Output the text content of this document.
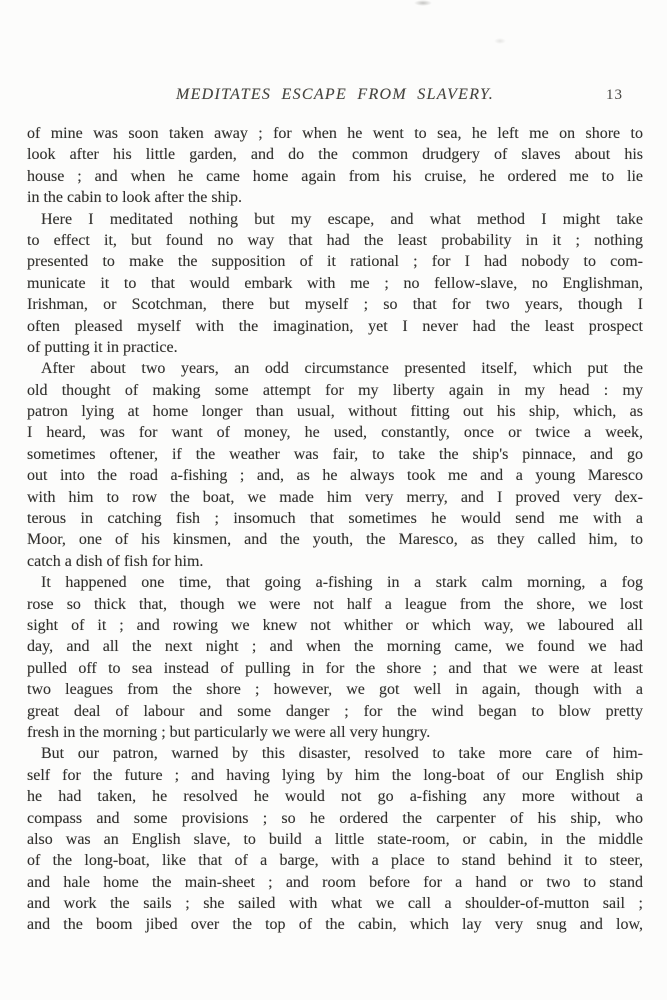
MEDITATES ESCAPE FROM SLAVERY.	13
of mine was soon taken away ; for when he went to sea, he left me on shore to
look after his little garden, and do the common drudgery of slaves about his
house ; and when he came home again from his cruise, he ordered me to lie
in the cabin to look after the ship.
Here I meditated nothing but my escape, and what method I might take
to effect it, but found no way that had the least probability in it ; nothing
presented to make the supposition of it rational ; for I had nobody to com-
municate it to that would embark with me ; no fellow-slave, no Englishman,
Irishman, or Scotchman, there but myself ; so that for two years, though I
often pleased myself with the imagination, yet I never had the least prospect
of putting it in practice.
After about two years, an odd circumstance presented itself, which put the
old thought of making some attempt for my liberty again in my head : my
patron lying at home longer than usual, without fitting out his ship, which, as
I heard, was for want of money, he used, constantly, once or twice a week,
sometimes oftener, if the weather was fair, to take the ship's pinnace, and go
out into the road a-fishing ; and, as he always took me and a young Maresco
with him to row the boat, we made him very merry, and I proved very dex-
terous in catching fish ; insomuch that sometimes he would send me with a
Moor, one of his kinsmen, and the youth, the Maresco, as they called him, to
catch a dish of fish for him.
It happened one time, that going a-fishing in a stark calm morning, a fog
rose so thick that, though we were not half a league from the shore, we lost
sight of it ; and rowing we knew not whither or which way, we laboured all
day, and all the next night ; and when the morning came, we found we had
pulled off to sea instead of pulling in for the shore ; and that we were at least
two leagues from the shore ; however, we got well in again, though with a
great deal of labour and some danger ; for the wind began to blow pretty
fresh in the morning ; but particularly we were all very hungry.
But our patron, warned by this disaster, resolved to take more care of him-
self for the future ; and having lying by him the long-boat of our English ship
he had taken, he resolved he would not go a-fishing any more without a
compass and some provisions ; so he ordered the carpenter of his ship, who
also was an English slave, to build a little state-room, or cabin, in the middle
of the long-boat, like that of a barge, with a place to stand behind it to steer,
and hale home the main-sheet ; and room before for a hand or two to stand
and work the sails ; she sailed with what we call a shoulder-of-mutton sail ;
and the boom jibed over the top of the cabin, which lay very snug and low,
